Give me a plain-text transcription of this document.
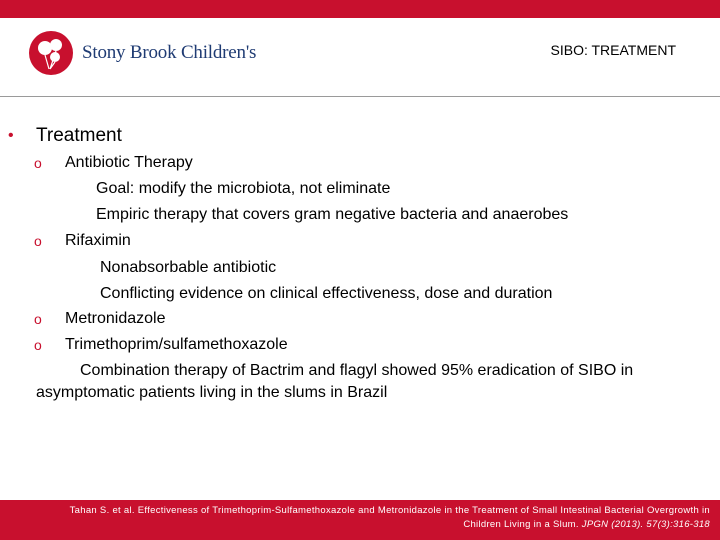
Stony Brook Children's	SIBO: TREATMENT
• Treatment
o Antibiotic Therapy
Goal: modify the microbiota, not eliminate
Empiric therapy that covers gram negative bacteria and anaerobes
o Rifaximin
Nonabsorbable antibiotic
Conflicting evidence on clinical effectiveness, dose and duration
o Metronidazole
o Trimethoprim/sulfamethoxazole
Combination therapy of Bactrim and flagyl showed 95% eradication of SIBO in
asymptomatic patients living in the slums in Brazil
Tahan S. et al. Effectiveness of Trimethoprim-Sulfamethoxazole and Metronidazole in the Treatment of Small Intestinal Bacterial Overgrowth in
Children Living in a Slum. JPGN (2013). 57(3):316-318
